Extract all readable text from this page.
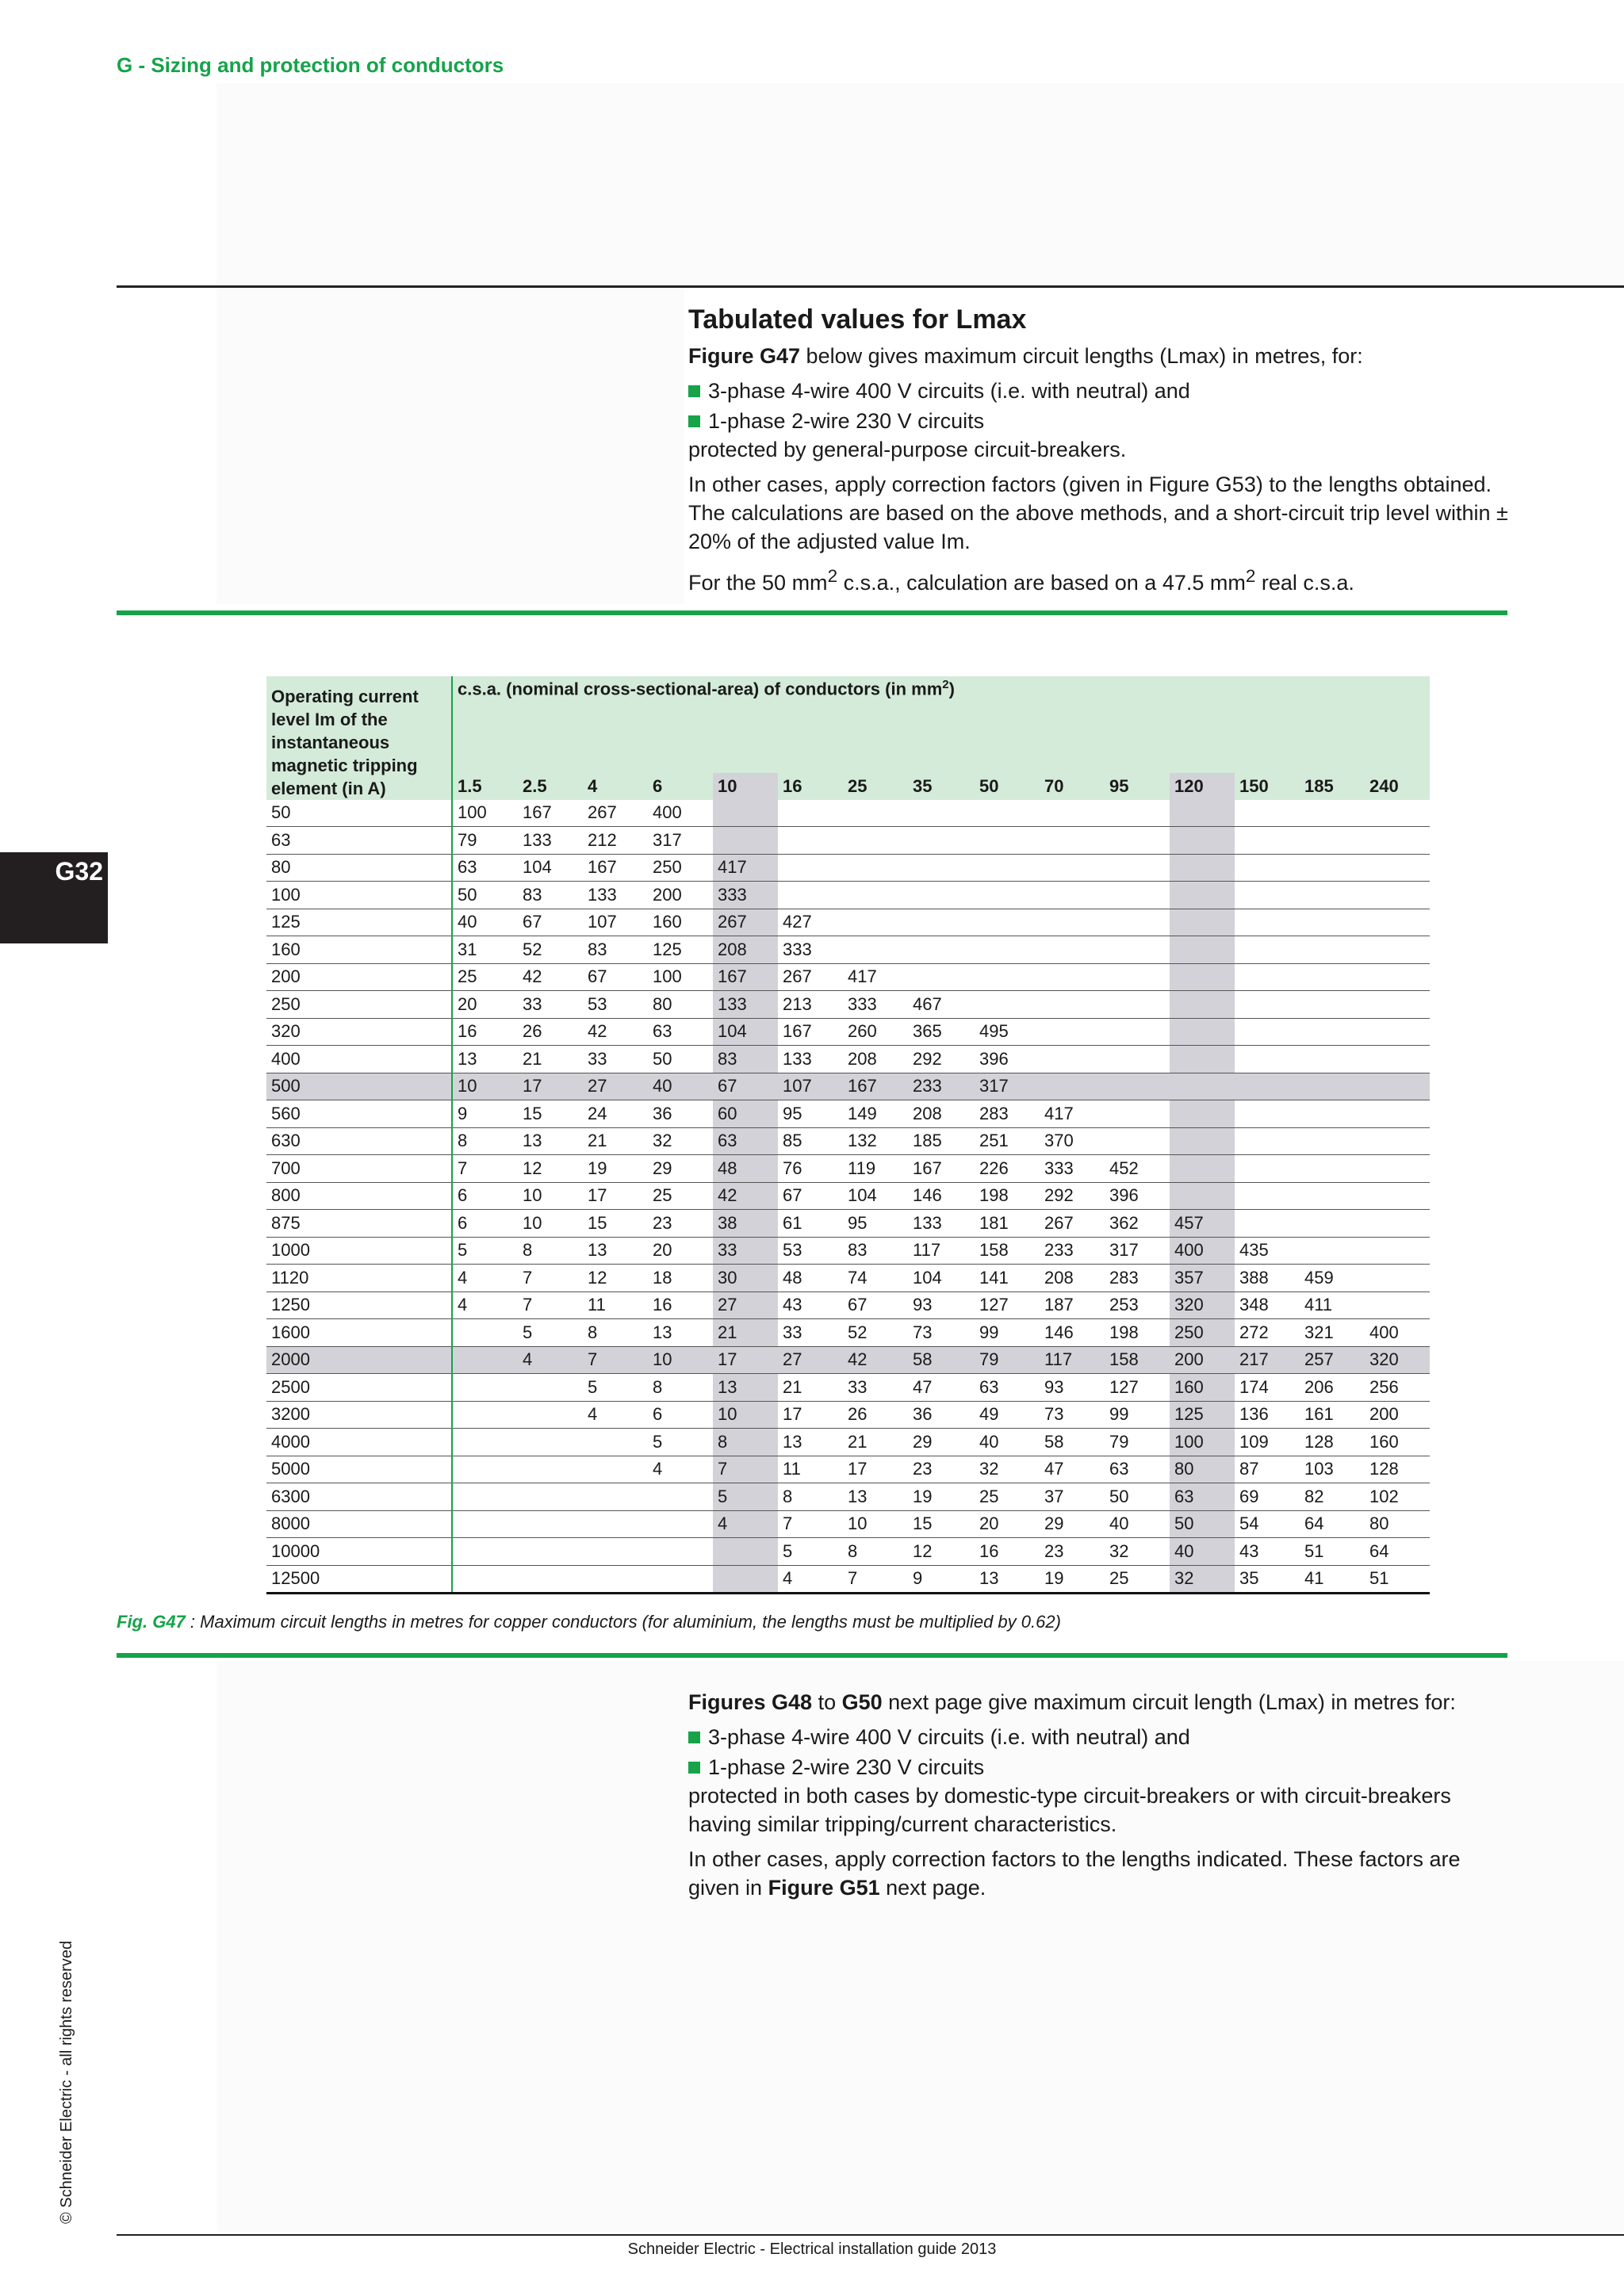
G - Sizing and protection of conductors
Tabulated values for Lmax

Figure G47 below gives maximum circuit lengths (Lmax) in metres, for:

3-phase 4-wire 400 V circuits (i.e. with neutral) and
1-phase 2-wire 230 V circuits

protected by general-purpose circuit-breakers.

In other cases, apply correction factors (given in Figure G53) to the lengths obtained. The calculations are based on the above methods, and a short-circuit trip level within ± 20% of the adjusted value Im.

For the 50 $mm^2$ c.s.a., calculation are based on a 47.5 $mm^2$ real c.s.a.

G32
Operating current level Im of the instantaneous magnetic tripping element (in A)	c.s.a. (nominal cross-sectional-area) of conductors (in $mm^2$)														
	1.5	2.5	4	6	10	16	25	35	50	70	95	120	150	185	240
50	100	167	267	400											
63	79	133	212	317											
80	63	104	167	250	417										
100	50	83	133	200	333										
125	40	67	107	160	267	427									
160	31	52	83	125	208	333									
200	25	42	67	100	167	267	417								
250	20	33	53	80	133	213	333	467							
320	16	26	42	63	104	167	260	365	495						
400	13	21	33	50	83	133	208	292	396						
500	10	17	27	40	67	107	167	233	317						
560	9	15	24	36	60	95	149	208	283	417					
630	8	13	21	32	63	85	132	185	251	370					
700	7	12	19	29	48	76	119	167	226	333	452				
800	6	10	17	25	42	67	104	146	198	292	396				
875	6	10	15	23	38	61	95	133	181	267	362	457			
1000	5	8	13	20	33	53	83	117	158	233	317	400	435		
1120	4	7	12	18	30	48	74	104	141	208	283	357	388	459	
1250	4	7	11	16	27	43	67	93	127	187	253	320	348	411	
1600		5	8	13	21	33	52	73	99	146	198	250	272	321	400
2000		4	7	10	17	27	42	58	79	117	158	200	217	257	320
2500			5	8	13	21	33	47	63	93	127	160	174	206	256
3200			4	6	10	17	26	36	49	73	99	125	136	161	200
4000				5	8	13	21	29	40	58	79	100	109	128	160
5000				4	7	11	17	23	32	47	63	80	87	103	128
6300					5	8	13	19	25	37	50	63	69	82	102
8000					4	7	10	15	20	29	40	50	54	64	80
10000						5	8	12	16	23	32	40	43	51	64
12500						4	7	9	13	19	25	32	35	41	51
Fig. G47 : Maximum circuit lengths in metres for copper conductors (for aluminium, the lengths must be multiplied by 0.62)

Figures G48 to G50 next page give maximum circuit length (Lmax) in metres for:

3-phase 4-wire 400 V circuits (i.e. with neutral) and
1-phase 2-wire 230 V circuits

protected in both cases by domestic-type circuit-breakers or with circuit-breakers having similar tripping/current characteristics.

In other cases, apply correction factors to the lengths indicated. These factors are given in Figure G51 next page.

© Schneider Electric - all rights reserved
Schneider Electric - Electrical installation guide 2013
